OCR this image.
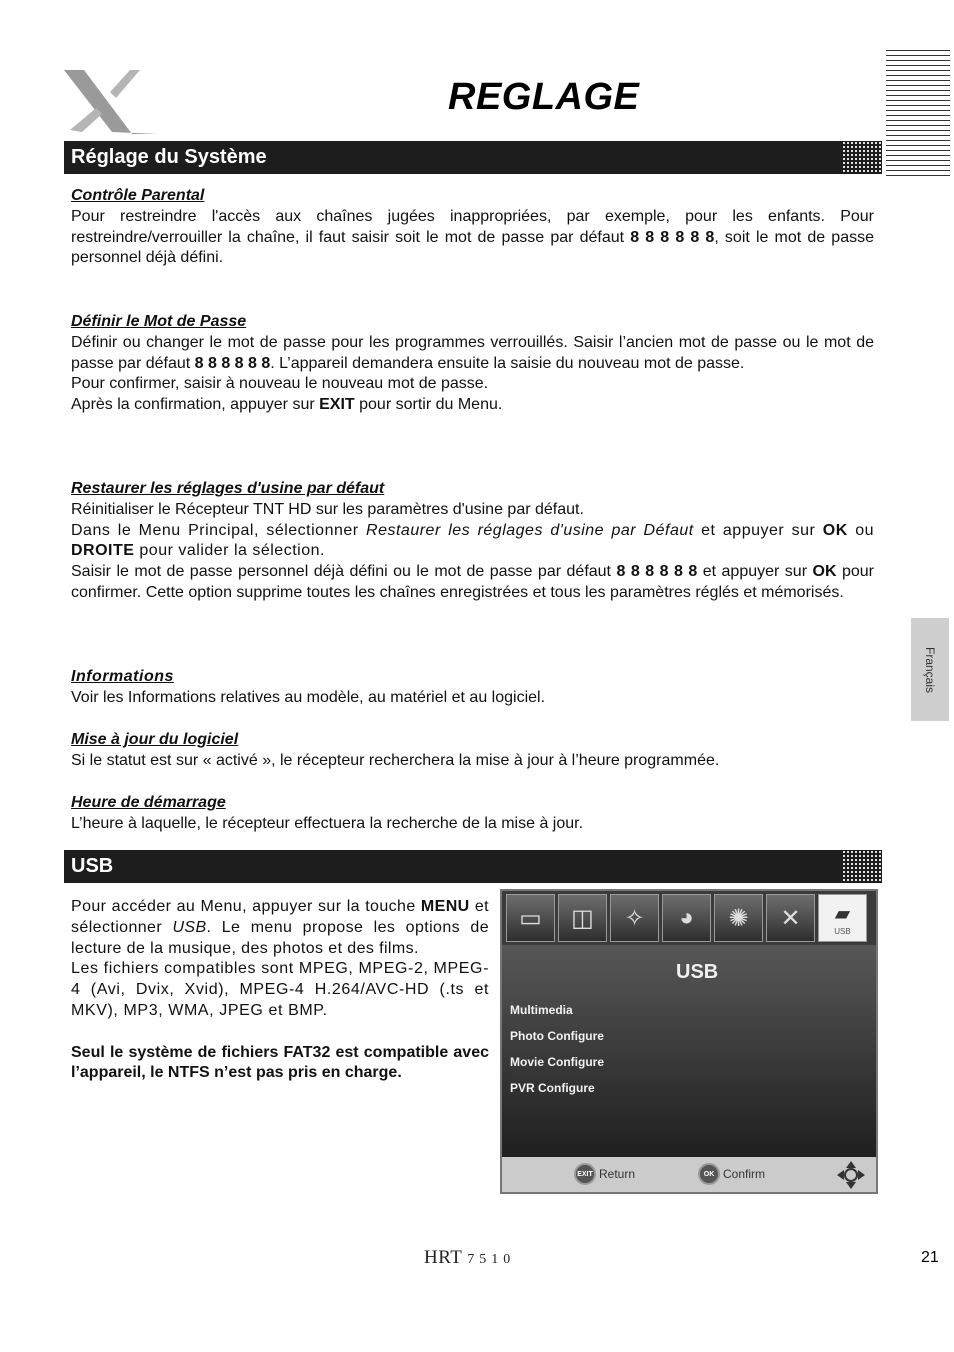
REGLAGE
Réglage du Système
Contrôle Parental
Pour restreindre l'accès aux chaînes jugées inappropriées, par exemple, pour les enfants. Pour restreindre/verrouiller la chaîne, il faut saisir soit le mot de passe par défaut 8 8 8 8 8 8, soit le mot de passe personnel déjà défini.
Définir le Mot de Passe
Définir ou changer le mot de passe pour les programmes verrouillés. Saisir l’ancien mot de passe ou le mot de passe par défaut 8 8 8 8 8 8. L’appareil demandera ensuite la saisie du nouveau mot de passe.
Pour confirmer, saisir à nouveau le nouveau mot de passe.
Après la confirmation, appuyer sur EXIT pour sortir du Menu.
Restaurer les réglages d'usine par défaut
Réinitialiser le Récepteur TNT HD sur les paramètres d'usine par défaut.
Dans le Menu Principal, sélectionner Restaurer les réglages d'usine par Défaut et appuyer sur OK ou DROITE pour valider la sélection.
Saisir le mot de passe personnel déjà défini ou le mot de passe par défaut 8 8 8 8 8 8 et appuyer sur OK pour confirmer. Cette option supprime toutes les chaînes enregistrées et tous les paramètres réglés et mémorisés.
Informations
Voir les Informations relatives au modèle, au matériel et au logiciel.
Mise à jour du logiciel
Si le statut est sur « activé », le récepteur recherchera la mise à jour à l’heure programmée.
Heure de démarrage
L’heure à laquelle, le récepteur effectuera la recherche de la mise à jour.
USB
Pour accéder au Menu, appuyer sur la touche MENU et sélectionner USB. Le menu propose les options de lecture de la musique, des photos et des films.
Les fichiers compatibles sont MPEG, MPEG-2, MPEG-4 (Avi, Dvix, Xvid), MPEG-4 H.264/AVC-HD (.ts et MKV), MP3, WMA, JPEG et BMP.
Seul le système de fichiers FAT32 est compatible avec l’appareil, le NTFS n’est pas pris en charge.
▭	◫	✧	◕	✺	✕	▰
USB
USB
Multimedia
Photo Configure
Movie Configure
PVR Configure
EXIT Return	OK Confirm
Français
HRT 7510	21
